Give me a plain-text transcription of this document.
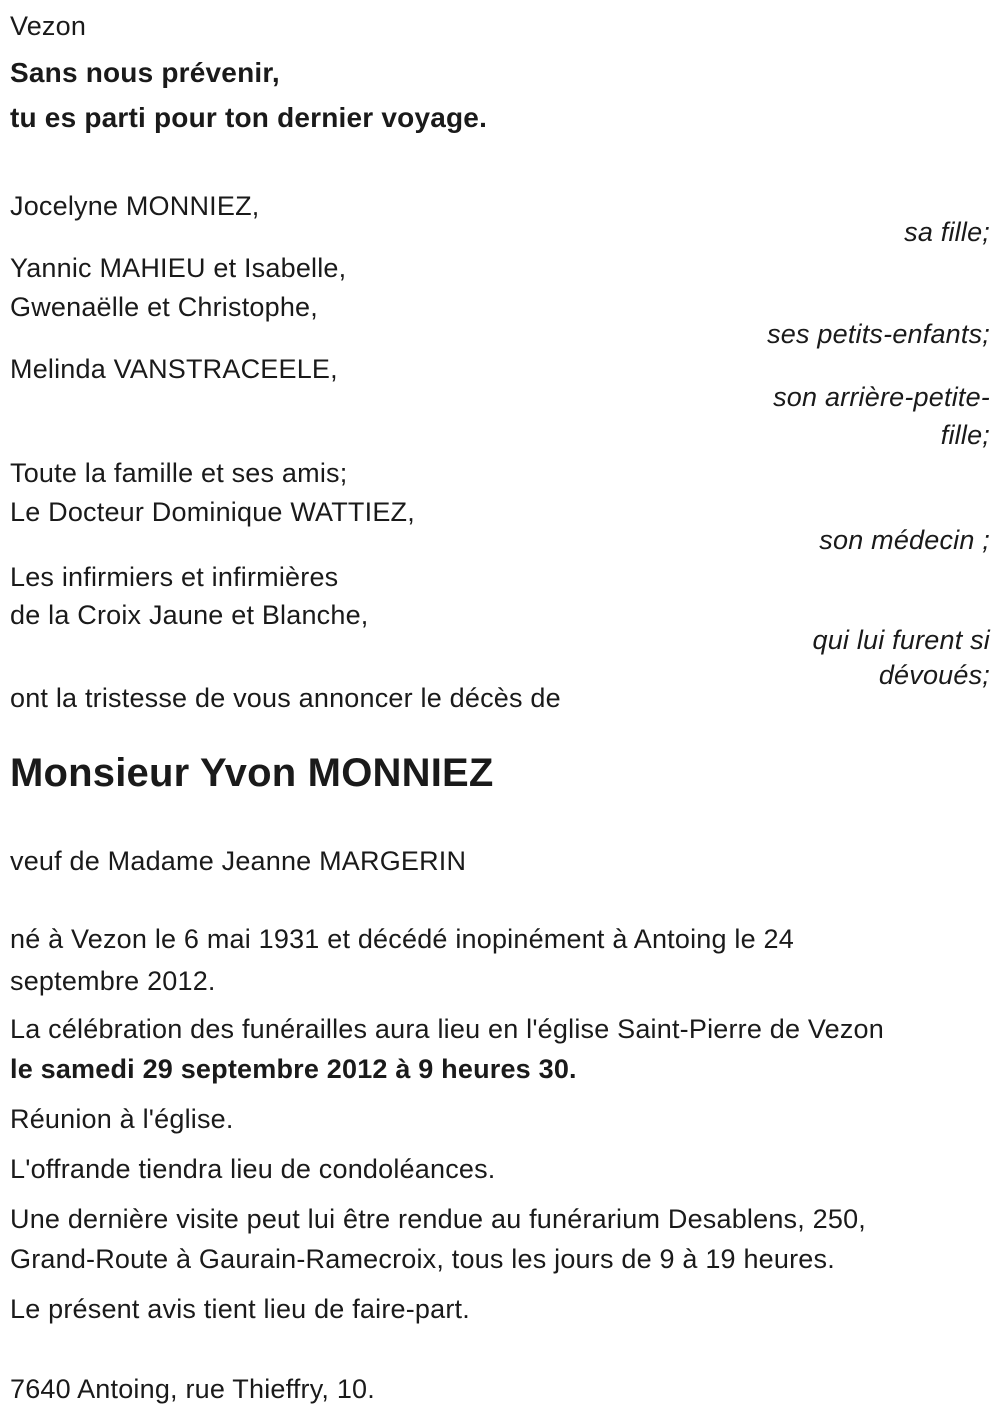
Vezon
Sans nous prévenir,
tu es parti pour ton dernier voyage.
Jocelyne MONNIEZ,
sa fille;
Yannic MAHIEU et Isabelle,
Gwenaëlle et Christophe,
ses petits-enfants;
Melinda VANSTRACEELE,
son arrière-petite-
fille;
Toute la famille et ses amis;
Le Docteur Dominique WATTIEZ,
son médecin ;
Les infirmiers et infirmières
de la Croix Jaune et Blanche,
qui lui furent si
dévoués;
ont la tristesse de vous annoncer le décès de
Monsieur Yvon MONNIEZ
veuf de Madame Jeanne MARGERIN
né à Vezon le 6 mai 1931 et décédé inopinément à Antoing le 24
septembre 2012.
La célébration des funérailles aura lieu en l'église Saint-Pierre de Vezon
le samedi 29 septembre 2012 à 9 heures 30.
Réunion à l'église.
L'offrande tiendra lieu de condoléances.
Une dernière visite peut lui être rendue au funérarium Desablens, 250,
Grand-Route à Gaurain-Ramecroix, tous les jours de 9 à 19 heures.
Le présent avis tient lieu de faire-part.
7640 Antoing, rue Thieffry, 10.
